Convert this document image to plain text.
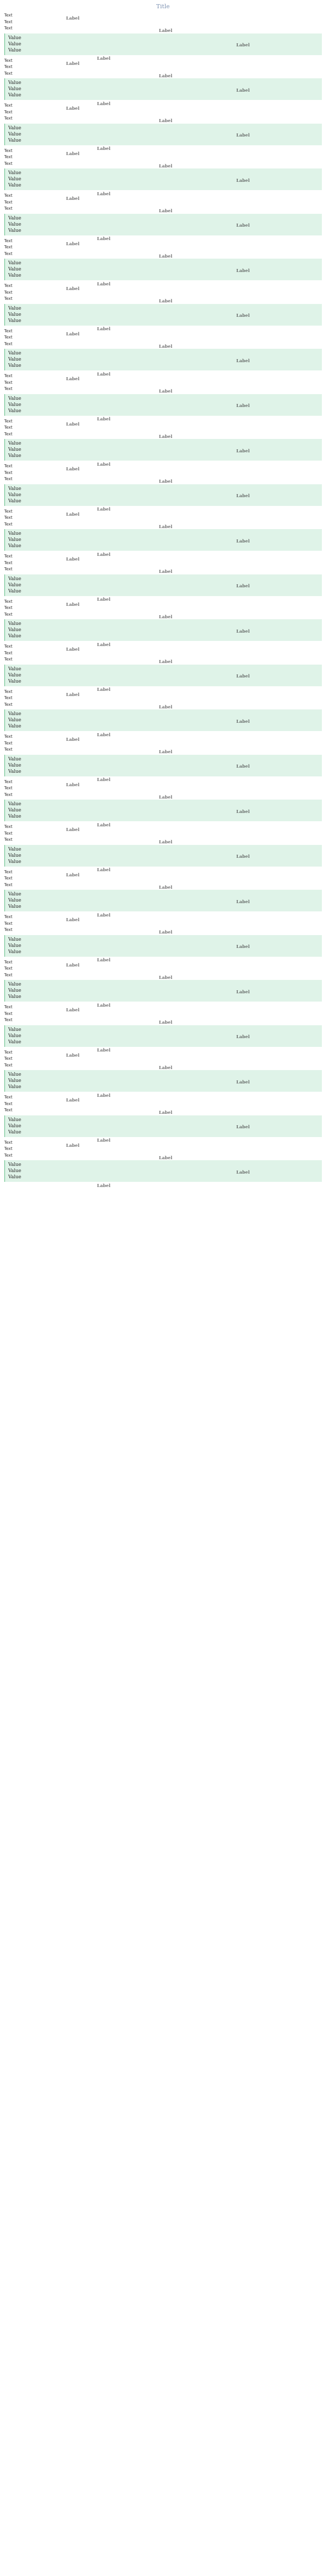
Title

Text

Text

Text

Value
Value
Value
Label
Label
Label
Label

Text

Text

Text

Value
Value
Value
Label
Label
Label
Label

Text

Text

Text

Value
Value
Value
Label
Label
Label
Label

Text

Text

Text

Value
Value
Value
Label
Label
Label
Label

Text

Text

Text

Value
Value
Value
Label
Label
Label
Label

Text

Text

Text

Value
Value
Value
Label
Label
Label
Label

Text

Text

Text

Value
Value
Value
Label
Label
Label
Label

Text

Text

Text

Value
Value
Value
Label
Label
Label
Label

Text

Text

Text

Value
Value
Value
Label
Label
Label
Label

Text

Text

Text

Value
Value
Value
Label
Label
Label
Label

Text

Text

Text

Value
Value
Value
Label
Label
Label
Label

Text

Text

Text

Value
Value
Value
Label
Label
Label
Label

Text

Text

Text

Value
Value
Value
Label
Label
Label
Label

Text

Text

Text

Value
Value
Value
Label
Label
Label
Label

Text

Text

Text

Value
Value
Value
Label
Label
Label
Label

Text

Text

Text

Value
Value
Value
Label
Label
Label
Label

Text

Text

Text

Value
Value
Value
Label
Label
Label
Label

Text

Text

Text

Value
Value
Value
Label
Label
Label
Label

Text

Text

Text

Value
Value
Value
Label
Label
Label
Label

Text

Text

Text

Value
Value
Value
Label
Label
Label
Label

Text

Text

Text

Value
Value
Value
Label
Label
Label
Label

Text

Text

Text

Value
Value
Value
Label
Label
Label
Label

Text

Text

Text

Value
Value
Value
Label
Label
Label
Label

Text

Text

Text

Value
Value
Value
Label
Label
Label
Label

Text

Text

Text

Value
Value
Value
Label
Label
Label
Label

Text

Text

Text

Value
Value
Value
Label
Label
Label
Label
